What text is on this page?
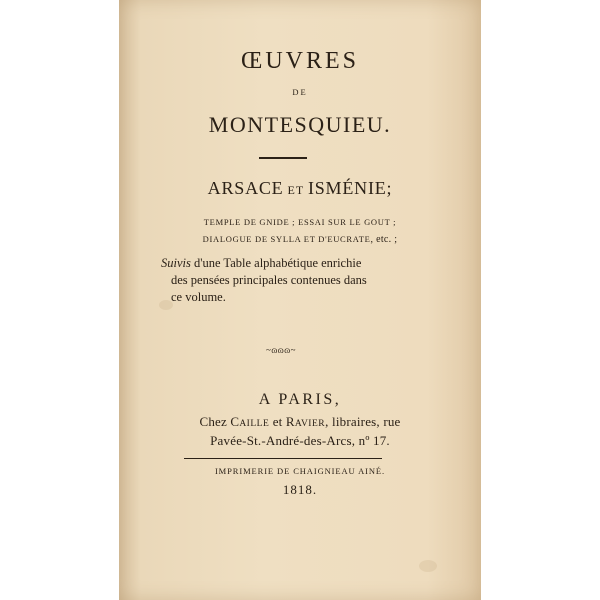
ŒUVRES
DE
MONTESQUIEU.
ARSACE ET ISMÉNIE;
TEMPLE DE GNIDE ; ESSAI SUR LE GOUT ;
DIALOGUE DE SYLLA ET D'EUCRATE, etc. ;
Suivis d'une Table alphabétique enrichie
des pensées principales contenues dans
ce volume.
~ɷɷɷ~
A PARIS,
Chez CAILLE et RAVIER, libraires, rue
Pavée-St.-André-des-Arcs, nº 17.
IMPRIMERIE DE CHAIGNIEAU AINÉ.
1818.
